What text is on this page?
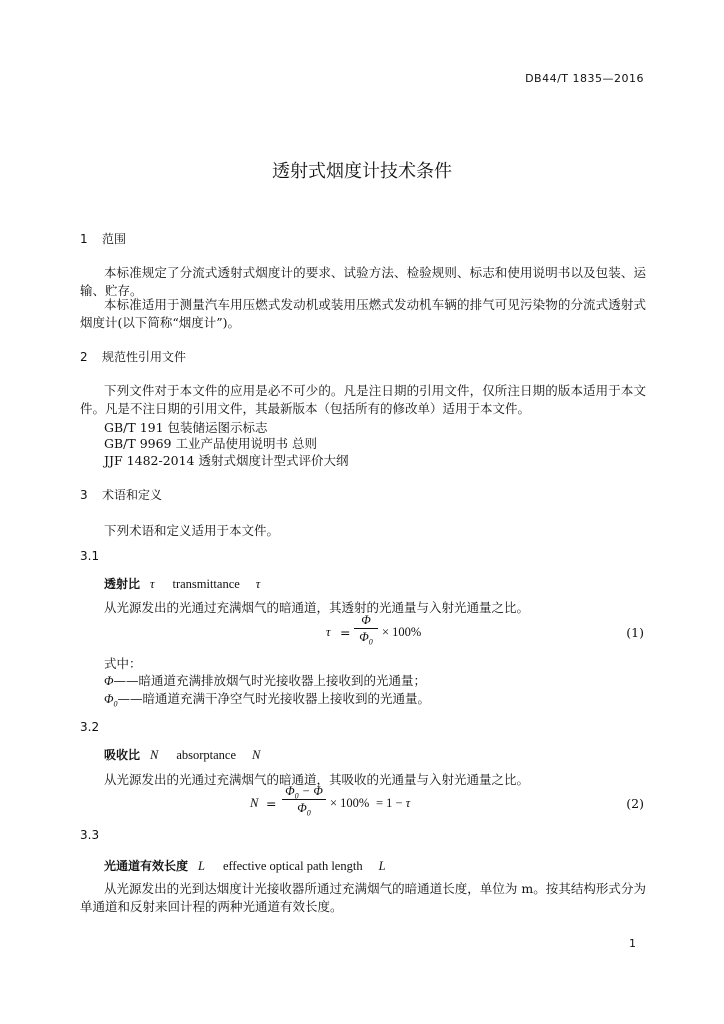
DB44/T 1835—2016
透射式烟度计技术条件
1 范围
本标准规定了分流式透射式烟度计的要求、试验方法、检验规则、标志和使用说明书以及包装、运输、贮存。
本标准适用于测量汽车用压燃式发动机或装用压燃式发动机车辆的排气可见污染物的分流式透射式烟度计(以下简称“烟度计”)。
2 规范性引用文件
下列文件对于本文件的应用是必不可少的。凡是注日期的引用文件，仅所注日期的版本适用于本文件。凡是不注日期的引用文件，其最新版本（包括所有的修改单）适用于本文件。
GB/T 191 包装储运图示标志
GB/T 9969 工业产品使用说明书 总则
JJF 1482-2014 透射式烟度计型式评价大纲
3 术语和定义
下列术语和定义适用于本文件。
3.1
透射比 τ transmittance τ
从光源发出的光通过充满烟气的暗通道，其透射的光通量与入射光通量之比。
$\tau = \frac{\Phi}{\Phi_0} \times 100\%$	(1)
式中：
Φ——暗通道充满排放烟气时光接收器上接收到的光通量；
$\Phi_0——$暗通道充满干净空气时光接收器上接收到的光通量。
3.2
吸收比 N absorptance N
从光源发出的光通过充满烟气的暗通道，其吸收的光通量与入射光通量之比。
$N = \frac{\Phi_0 - \Phi}{\Phi_0} \times 100\% = 1 - \tau$	(2)
3.3
光通道有效长度 L effective optical path length L
从光源发出的光到达烟度计光接收器所通过充满烟气的暗通道长度，单位为 m。按其结构形式分为单通道和反射来回计程的两种光通道有效长度。
1
